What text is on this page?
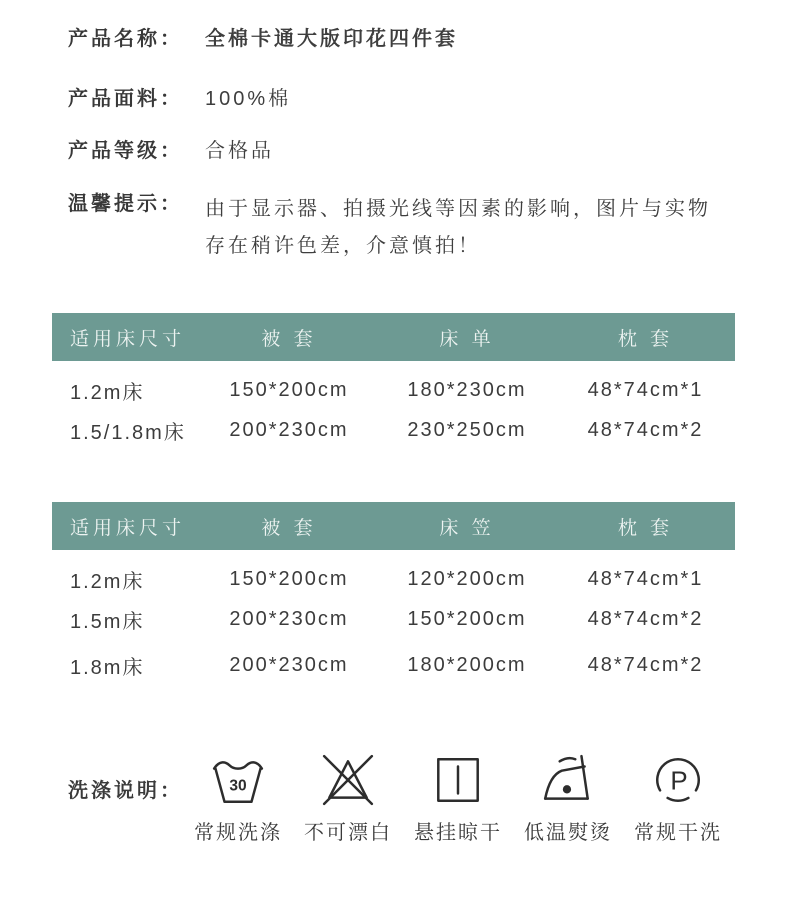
产品名称：	全棉卡通大版印花四件套
产品面料：	100%棉
产品等级：	合格品
温馨提示：	由于显示器、拍摄光线等因素的影响，图片与实物存在稍许色差，介意慎拍！
适用床尺寸	被 套	床 单	枕 套
1.2m床	150*200cm	180*230cm	48*74cm*1
1.5/1.8m床	200*230cm	230*250cm	48*74cm*2
适用床尺寸	被 套	床 笠	枕 套
1.2m床	150*200cm	120*200cm	48*74cm*1
1.5m床	200*230cm	150*200cm	48*74cm*2
1.8m床	200*230cm	180*200cm	48*74cm*2
洗涤说明：	30
常规洗涤 不可漂白 悬挂晾干 低温熨烫
P
常规干洗
